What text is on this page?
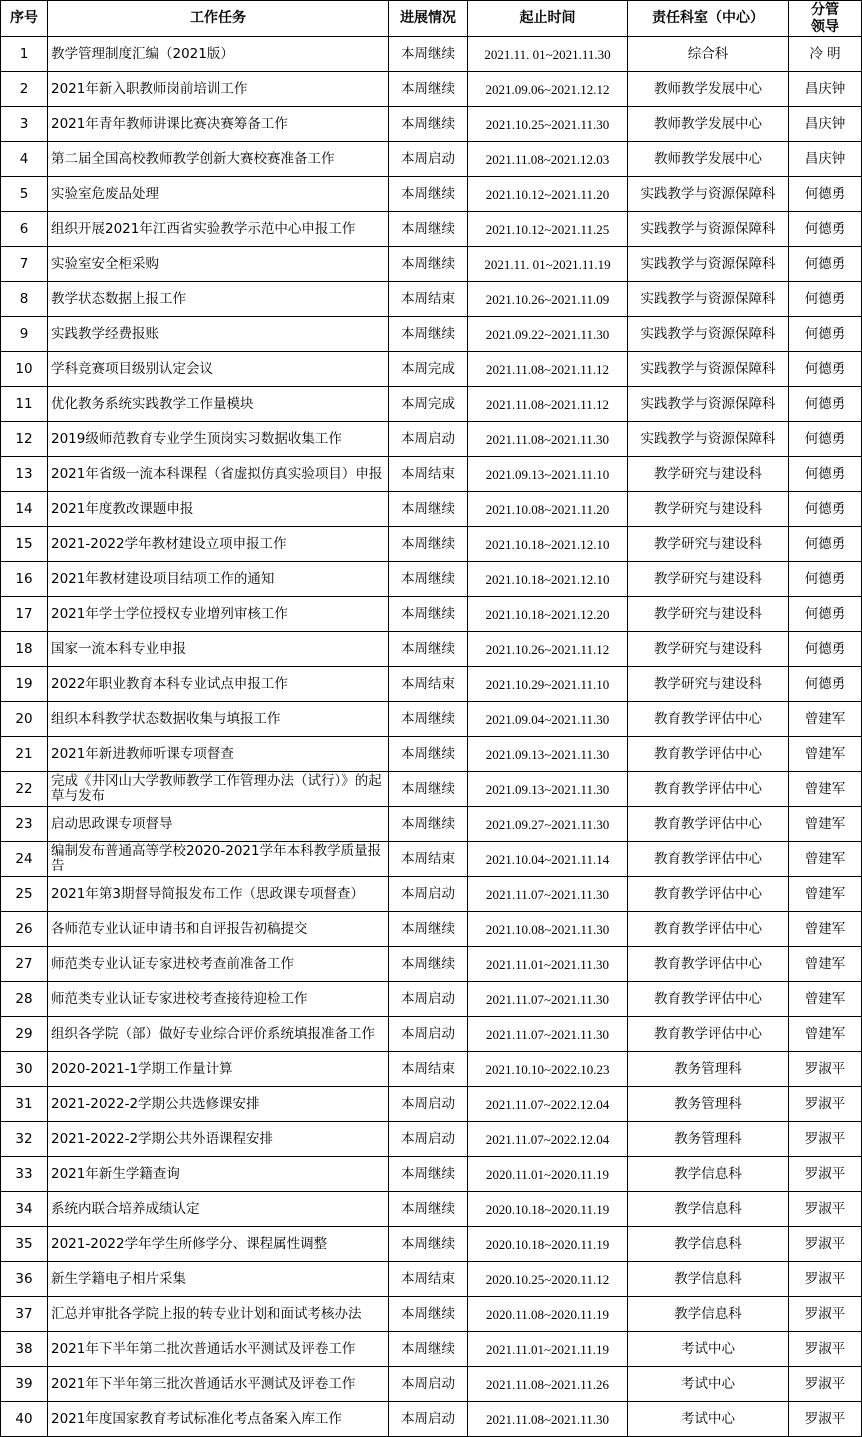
序号	工作任务	进展情况	起止时间	责任科室（中心）	分管领导
1	教学管理制度汇编（2021版）	本周继续	2021.11. 01~2021.11.30	综合科	冷 明
2	2021年新入职教师岗前培训工作	本周继续	2021.09.06~2021.12.12	教师教学发展中心	昌庆钟
3	2021年青年教师讲课比赛决赛筹备工作	本周继续	2021.10.25~2021.11.30	教师教学发展中心	昌庆钟
4	第二届全国高校教师教学创新大赛校赛准备工作	本周启动	2021.11.08~2021.12.03	教师教学发展中心	昌庆钟
5	实验室危废品处理	本周继续	2021.10.12~2021.11.20	实践教学与资源保障科	何德勇
6	组织开展2021年江西省实验教学示范中心申报工作	本周继续	2021.10.12~2021.11.25	实践教学与资源保障科	何德勇
7	实验室安全柜采购	本周继续	2021.11. 01~2021.11.19	实践教学与资源保障科	何德勇
8	教学状态数据上报工作	本周结束	2021.10.26~2021.11.09	实践教学与资源保障科	何德勇
9	实践教学经费报账	本周继续	2021.09.22~2021.11.30	实践教学与资源保障科	何德勇
10	学科竞赛项目级别认定会议	本周完成	2021.11.08~2021.11.12	实践教学与资源保障科	何德勇
11	优化教务系统实践教学工作量模块	本周完成	2021.11.08~2021.11.12	实践教学与资源保障科	何德勇
12	2019级师范教育专业学生顶岗实习数据收集工作	本周启动	2021.11.08~2021.11.30	实践教学与资源保障科	何德勇
13	2021年省级一流本科课程（省虚拟仿真实验项目）申报	本周结束	2021.09.13~2021.11.10	教学研究与建设科	何德勇
14	2021年度教改课题申报	本周继续	2021.10.08~2021.11.20	教学研究与建设科	何德勇
15	2021-2022学年教材建设立项申报工作	本周继续	2021.10.18~2021.12.10	教学研究与建设科	何德勇
16	2021年教材建设项目结项工作的通知	本周继续	2021.10.18~2021.12.10	教学研究与建设科	何德勇
17	2021年学士学位授权专业增列审核工作	本周继续	2021.10.18~2021.12.20	教学研究与建设科	何德勇
18	国家一流本科专业申报	本周继续	2021.10.26~2021.11.12	教学研究与建设科	何德勇
19	2022年职业教育本科专业试点申报工作	本周结束	2021.10.29~2021.11.10	教学研究与建设科	何德勇
20	组织本科教学状态数据收集与填报工作	本周继续	2021.09.04~2021.11.30	教育教学评估中心	曾建军
21	2021年新进教师听课专项督查	本周继续	2021.09.13~2021.11.30	教育教学评估中心	曾建军
22	完成《井冈山大学教师教学工作管理办法（试行）》的起草与发布	本周继续	2021.09.13~2021.11.30	教育教学评估中心	曾建军
23	启动思政课专项督导	本周继续	2021.09.27~2021.11.30	教育教学评估中心	曾建军
24	编制发布普通高等学校2020-2021学年本科教学质量报告	本周结束	2021.10.04~2021.11.14	教育教学评估中心	曾建军
25	2021年第3期督导简报发布工作（思政课专项督查）	本周启动	2021.11.07~2021.11.30	教育教学评估中心	曾建军
26	各师范专业认证申请书和自评报告初稿提交	本周继续	2021.10.08~2021.11.30	教育教学评估中心	曾建军
27	师范类专业认证专家进校考查前准备工作	本周继续	2021.11.01~2021.11.30	教育教学评估中心	曾建军
28	师范类专业认证专家进校考查接待迎检工作	本周启动	2021.11.07~2021.11.30	教育教学评估中心	曾建军
29	组织各学院（部）做好专业综合评价系统填报准备工作	本周启动	2021.11.07~2021.11.30	教育教学评估中心	曾建军
30	2020-2021-1学期工作量计算	本周结束	2021.10.10~2022.10.23	教务管理科	罗淑平
31	2021-2022-2学期公共选修课安排	本周启动	2021.11.07~2022.12.04	教务管理科	罗淑平
32	2021-2022-2学期公共外语课程安排	本周启动	2021.11.07~2022.12.04	教务管理科	罗淑平
33	2021年新生学籍查询	本周继续	2020.11.01~2020.11.19	教学信息科	罗淑平
34	系统内联合培养成绩认定	本周继续	2020.10.18~2020.11.19	教学信息科	罗淑平
35	2021-2022学年学生所修学分、课程属性调整	本周继续	2020.10.18~2020.11.19	教学信息科	罗淑平
36	新生学籍电子相片采集	本周结束	2020.10.25~2020.11.12	教学信息科	罗淑平
37	汇总并审批各学院上报的转专业计划和面试考核办法	本周继续	2020.11.08~2020.11.19	教学信息科	罗淑平
38	2021年下半年第二批次普通话水平测试及评卷工作	本周继续	2021.11.01~2021.11.19	考试中心	罗淑平
39	2021年下半年第三批次普通话水平测试及评卷工作	本周启动	2021.11.08~2021.11.26	考试中心	罗淑平
40	2021年度国家教育考试标准化考点备案入库工作	本周启动	2021.11.08~2021.11.30	考试中心	罗淑平
